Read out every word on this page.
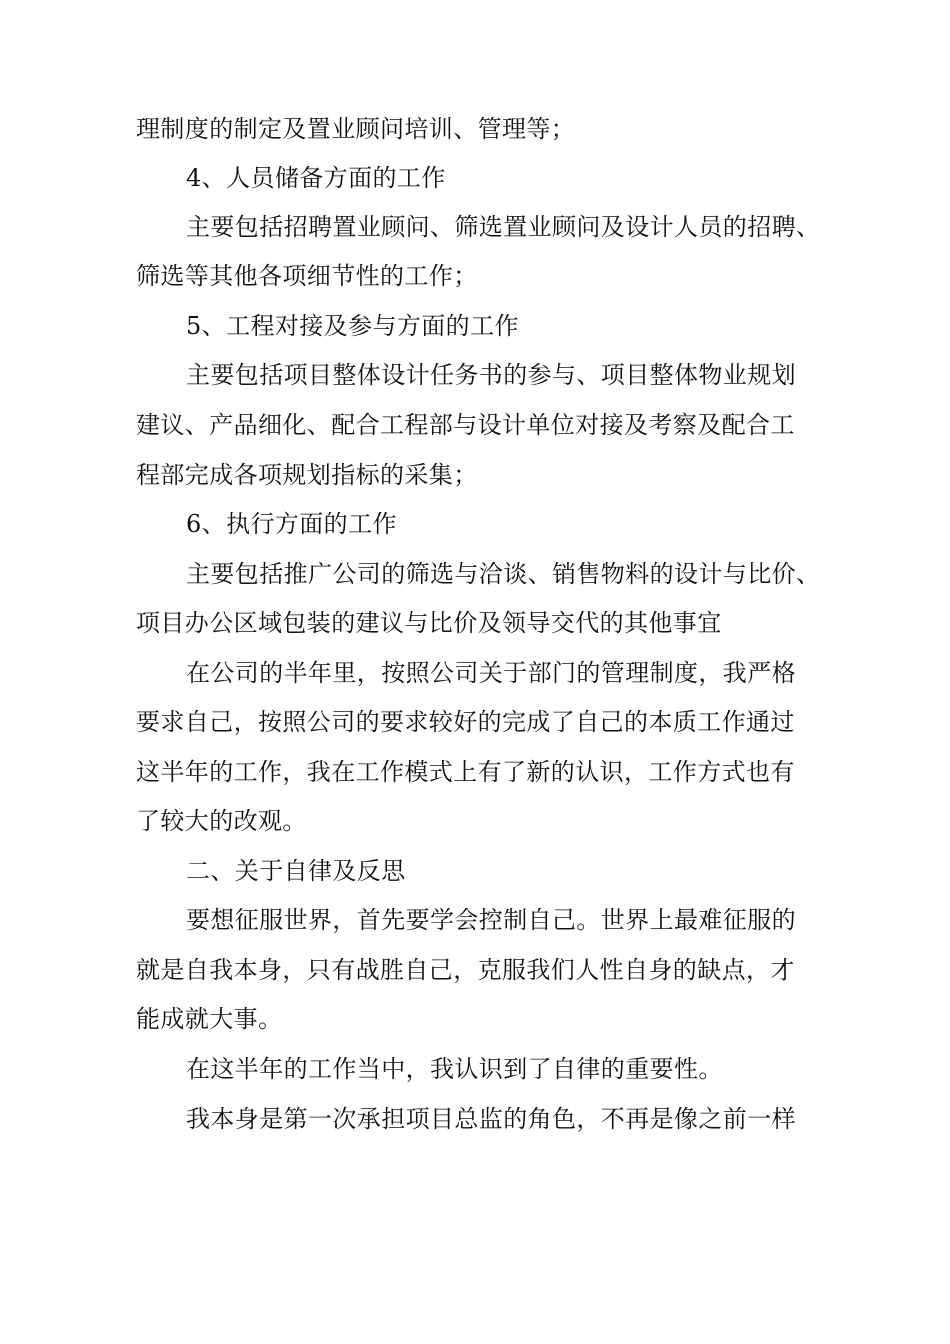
理制度的制定及置业顾问培训、管理等；
4、人员储备方面的工作
主要包括招聘置业顾问、筛选置业顾问及设计人员的招聘、
筛选等其他各项细节性的工作；
5、工程对接及参与方面的工作
主要包括项目整体设计任务书的参与、项目整体物业规划
建议、产品细化、配合工程部与设计单位对接及考察及配合工
程部完成各项规划指标的采集；
6、执行方面的工作
主要包括推广公司的筛选与洽谈、销售物料的设计与比价、
项目办公区域包装的建议与比价及领导交代的其他事宜
在公司的半年里，按照公司关于部门的管理制度，我严格
要求自己，按照公司的要求较好的完成了自己的本质工作通过
这半年的工作，我在工作模式上有了新的认识，工作方式也有
了较大的改观。
二、关于自律及反思
要想征服世界，首先要学会控制自己。世界上最难征服的
就是自我本身，只有战胜自己，克服我们人性自身的缺点，才
能成就大事。
在这半年的工作当中，我认识到了自律的重要性。
我本身是第一次承担项目总监的角色，不再是像之前一样
